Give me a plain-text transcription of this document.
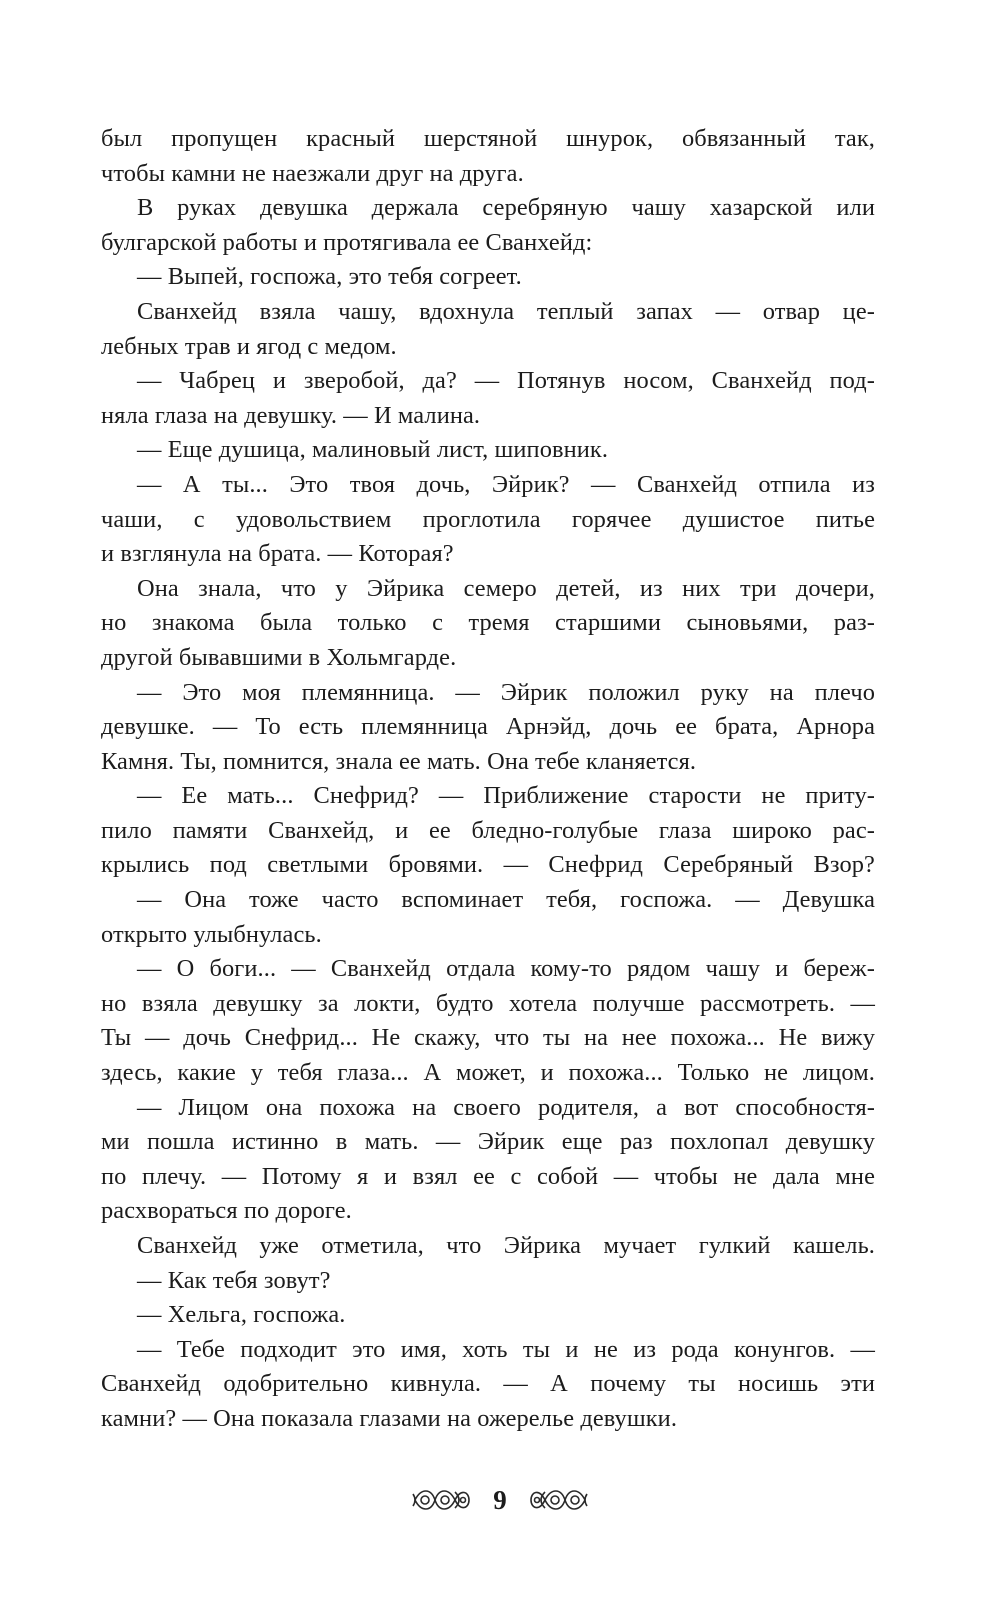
был пропущен красный шерстяной шнурок, обвязанный так,
чтобы камни не наезжали друг на друга.
В руках девушка держала серебряную чашу хазарской или
булгарской работы и протягивала ее Сванхейд:
— Выпей, госпожа, это тебя согреет.
Сванхейд взяла чашу, вдохнула теплый запах — отвар це-
лебных трав и ягод с медом.
— Чабрец и зверобой, да? — Потянув носом, Сванхейд под-
няла глаза на девушку. — И малина.
— Еще душица, малиновый лист, шиповник.
— А ты... Это твоя дочь, Эйрик? — Сванхейд отпила из
чаши, с удовольствием проглотила горячее душистое питье
и взглянула на брата. — Которая?
Она знала, что у Эйрика семеро детей, из них три дочери,
но знакома была только с тремя старшими сыновьями, раз-
другой бывавшими в Хольмгарде.
— Это моя племянница. — Эйрик положил руку на плечо
девушке. — То есть племянница Арнэйд, дочь ее брата, Арнора
Камня. Ты, помнится, знала ее мать. Она тебе кланяется.
— Ее мать... Снефрид? — Приближение старости не приту-
пило памяти Сванхейд, и ее бледно-голубые глаза широко рас-
крылись под светлыми бровями. — Снефрид Серебряный Взор?
— Она тоже часто вспоминает тебя, госпожа. — Девушка
открыто улыбнулась.
— О боги... — Сванхейд отдала кому-то рядом чашу и береж-
но взяла девушку за локти, будто хотела получше рассмотреть. —
Ты — дочь Снефрид... Не скажу, что ты на нее похожа... Не вижу
здесь, какие у тебя глаза... А может, и похожа... Только не лицом.
— Лицом она похожа на своего родителя, а вот способностя-
ми пошла истинно в мать. — Эйрик еще раз похлопал девушку
по плечу. — Потому я и взял ее с собой — чтобы не дала мне
расхвораться по дороге.
Сванхейд уже отметила, что Эйрика мучает гулкий кашель.
— Как тебя зовут?
— Хельга, госпожа.
— Тебе подходит это имя, хоть ты и не из рода конунгов. —
Сванхейд одобрительно кивнула. — А почему ты носишь эти
камни? — Она показала глазами на ожерелье девушки.
9
